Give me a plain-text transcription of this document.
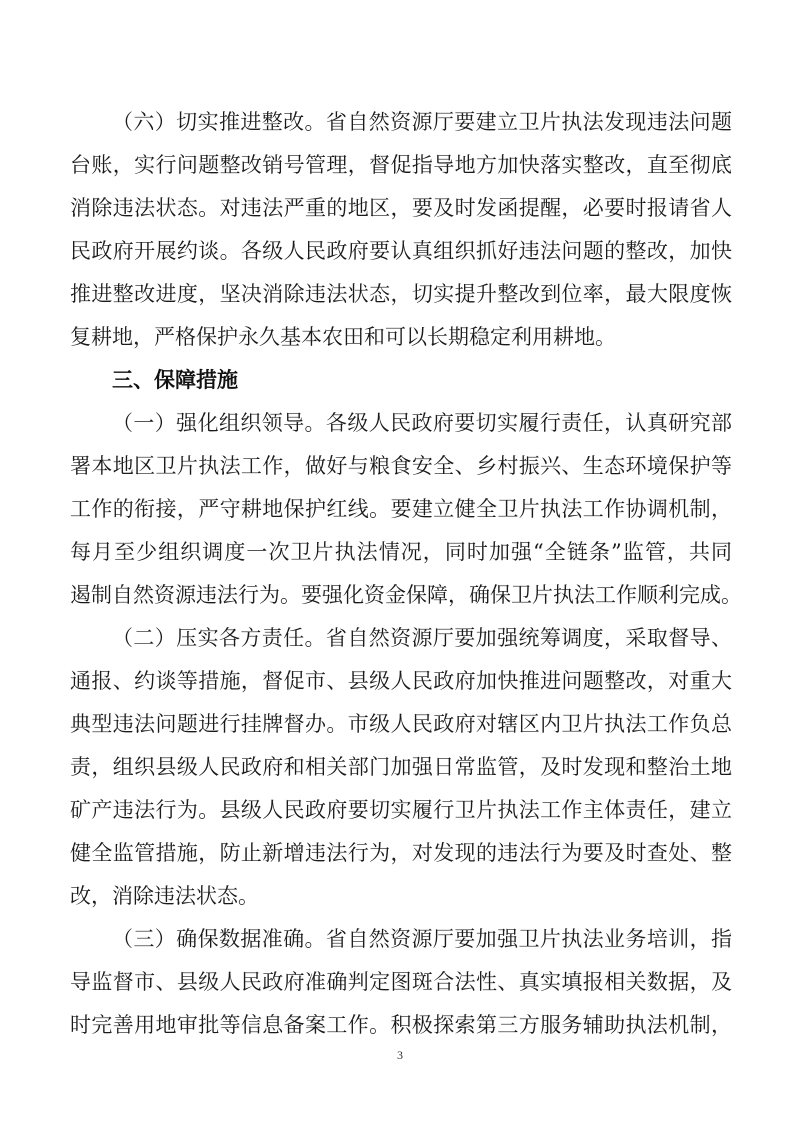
（六）切实推进整改。省自然资源厅要建立卫片执法发现违法问题
台账，实行问题整改销号管理，督促指导地方加快落实整改，直至彻底
消除违法状态。对违法严重的地区，要及时发函提醒，必要时报请省人
民政府开展约谈。各级人民政府要认真组织抓好违法问题的整改，加快
推进整改进度，坚决消除违法状态，切实提升整改到位率，最大限度恢
复耕地，严格保护永久基本农田和可以长期稳定利用耕地。
三、保障措施
（一）强化组织领导。各级人民政府要切实履行责任，认真研究部
署本地区卫片执法工作，做好与粮食安全、乡村振兴、生态环境保护等
工作的衔接，严守耕地保护红线。要建立健全卫片执法工作协调机制，
每月至少组织调度一次卫片执法情况，同时加强“全链条”监管，共同
遏制自然资源违法行为。要强化资金保障，确保卫片执法工作顺利完成。
（二）压实各方责任。省自然资源厅要加强统筹调度，采取督导、
通报、约谈等措施，督促市、县级人民政府加快推进问题整改，对重大
典型违法问题进行挂牌督办。市级人民政府对辖区内卫片执法工作负总
责，组织县级人民政府和相关部门加强日常监管，及时发现和整治土地
矿产违法行为。县级人民政府要切实履行卫片执法工作主体责任，建立
健全监管措施，防止新增违法行为，对发现的违法行为要及时查处、整
改，消除违法状态。
（三）确保数据准确。省自然资源厅要加强卫片执法业务培训，指
导监督市、县级人民政府准确判定图斑合法性、真实填报相关数据，及
时完善用地审批等信息备案工作。积极探索第三方服务辅助执法机制，
3
